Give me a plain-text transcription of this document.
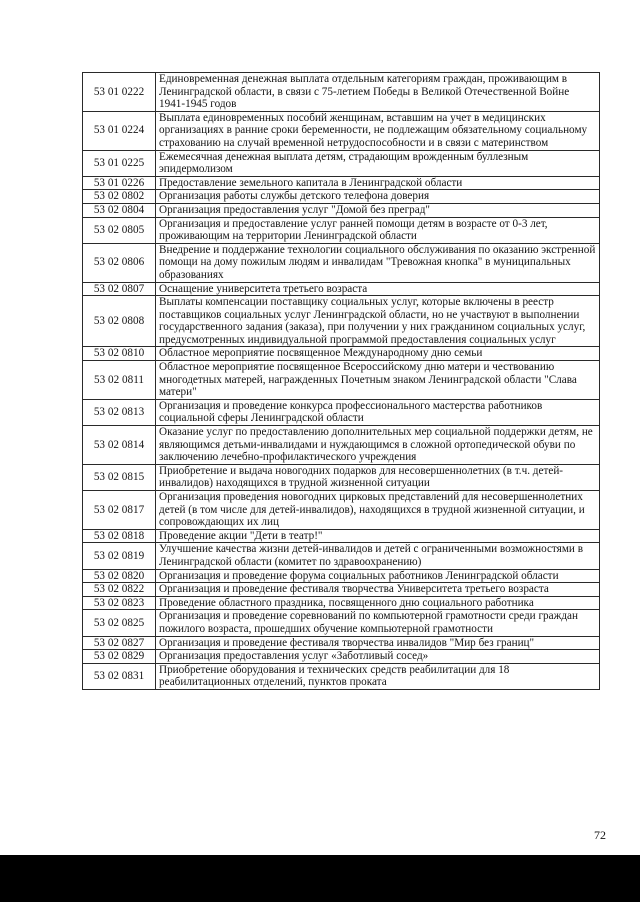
53 01 0222	Единовременная денежная выплата отдельным категориям граждан, проживающим в Ленинградской области, в связи с 75-летием Победы в Великой Отечественной Войне 1941-1945 годов
53 01 0224	Выплата единовременных пособий женщинам, вставшим на учет в медицинских организациях в ранние сроки беременности, не подлежащим обязательному социальному страхованию на случай временной нетрудоспособности и в связи с материнством
53 01 0225	Ежемесячная денежная выплата детям, страдающим врожденным буллезным эпидермолизом
53 01 0226	Предоставление земельного капитала в Ленинградской области
53 02 0802	Организация работы службы детского телефона доверия
53 02 0804	Организация предоставления услуг "Домой без преград"
53 02 0805	Организация и предоставление услуг ранней помощи детям в возрасте от 0-3 лет, проживающим на территории Ленинградской области
53 02 0806	Внедрение и поддержание технологии социального обслуживания по оказанию экстренной помощи на дому пожилым людям и инвалидам "Тревожная кнопка" в муниципальных образованиях
53 02 0807	Оснащение университета третьего возраста
53 02 0808	Выплаты компенсации поставщику социальных услуг, которые включены в реестр поставщиков социальных услуг Ленинградской области, но не участвуют в выполнении государственного задания (заказа), при получении у них гражданином социальных услуг, предусмотренных индивидуальной программой предоставления социальных услуг
53 02 0810	Областное мероприятие посвященное Международному дню семьи
53 02 0811	Областное мероприятие посвященное Всероссийскому дню матери и чествованию многодетных матерей, награжденных Почетным знаком Ленинградской области "Слава матери"
53 02 0813	Организация и проведение конкурса профессионального мастерства работников социальной сферы Ленинградской области
53 02 0814	Оказание услуг по предоставлению дополнительных мер социальной поддержки детям, не являющимся детьми-инвалидами и нуждающимся в сложной ортопедической обуви по заключению лечебно-профилактического учреждения
53 02 0815	Приобретение и выдача новогодних подарков для несовершеннолетних (в т.ч. детей-инвалидов) находящихся в трудной жизненной ситуации
53 02 0817	Организация проведения новогодних цирковых представлений для несовершеннолетних детей (в том числе для детей-инвалидов), находящихся в трудной жизненной ситуации, и сопровождающих их лиц
53 02 0818	Проведение акции "Дети в театр!"
53 02 0819	Улучшение качества жизни детей-инвалидов и детей с ограниченными возможностями в Ленинградской области (комитет по здравоохранению)
53 02 0820	Организация и проведение форума социальных работников Ленинградской области
53 02 0822	Организация и проведение фестиваля творчества Университета третьего возраста
53 02 0823	Проведение областного праздника, посвященного дню социального работника
53 02 0825	Организация и проведение соревнований по компьютерной грамотности среди граждан пожилого возраста, прошедших обучение компьютерной грамотности
53 02 0827	Организация и проведение фестиваля творчества инвалидов "Мир без границ"
53 02 0829	Организация предоставления услуг «Заботливый сосед»
53 02 0831	Приобретение оборудования и технических средств реабилитации для 18 реабилитационных отделений, пунктов проката
72
